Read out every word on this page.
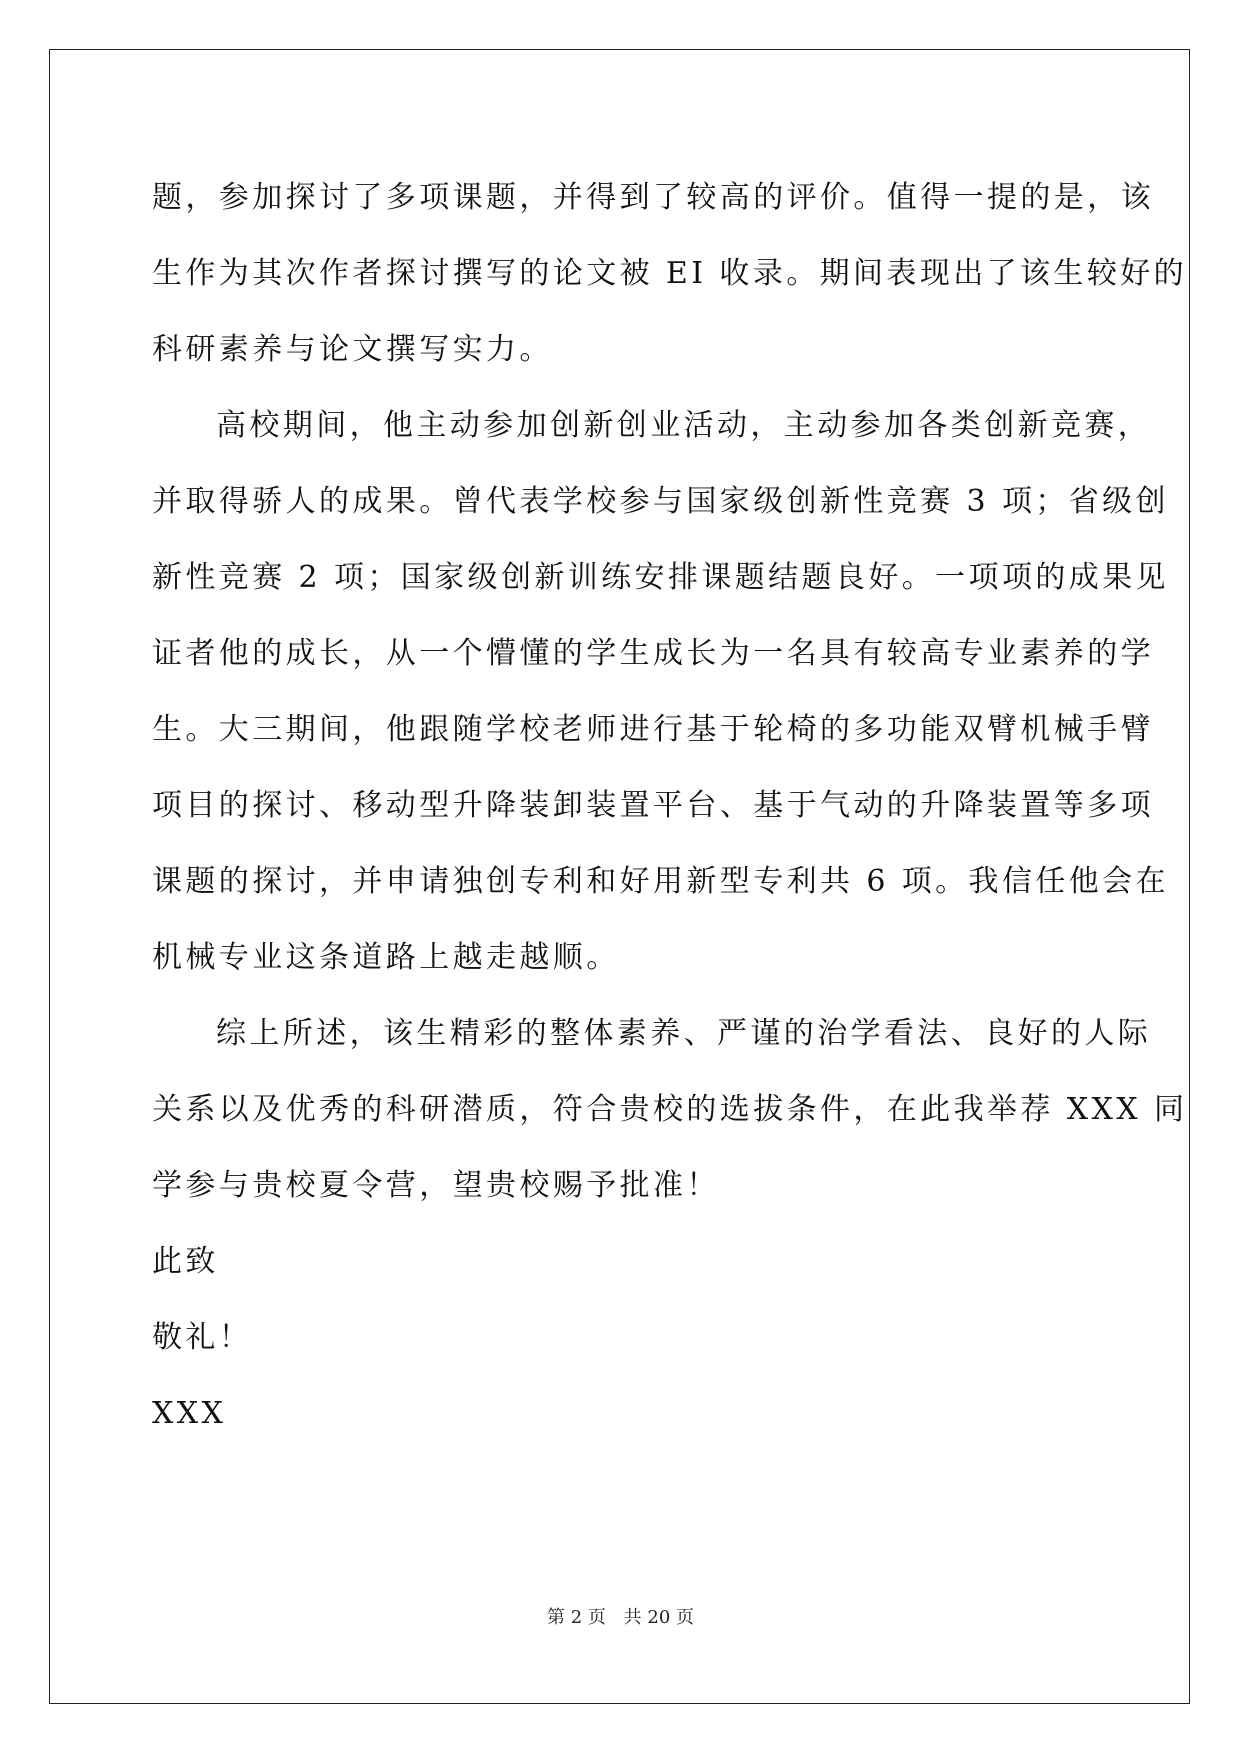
题，参加探讨了多项课题，并得到了较高的评价。值得一提的是，该

生作为其次作者探讨撰写的论文被 EI 收录。期间表现出了该生较好的

科研素养与论文撰写实力。

高校期间，他主动参加创新创业活动，主动参加各类创新竞赛，

并取得骄人的成果。曾代表学校参与国家级创新性竞赛 3 项；省级创

新性竞赛 2 项；国家级创新训练安排课题结题良好。一项项的成果见

证者他的成长，从一个懵懂的学生成长为一名具有较高专业素养的学

生。大三期间，他跟随学校老师进行基于轮椅的多功能双臂机械手臂

项目的探讨、移动型升降装卸装置平台、基于气动的升降装置等多项

课题的探讨，并申请独创专利和好用新型专利共 6 项。我信任他会在

机械专业这条道路上越走越顺。

综上所述，该生精彩的整体素养、严谨的治学看法、良好的人际

关系以及优秀的科研潜质，符合贵校的选拔条件，在此我举荐 XXX 同

学参与贵校夏令营，望贵校赐予批准！

此致

敬礼！

XXX

第 2 页 共 20 页
